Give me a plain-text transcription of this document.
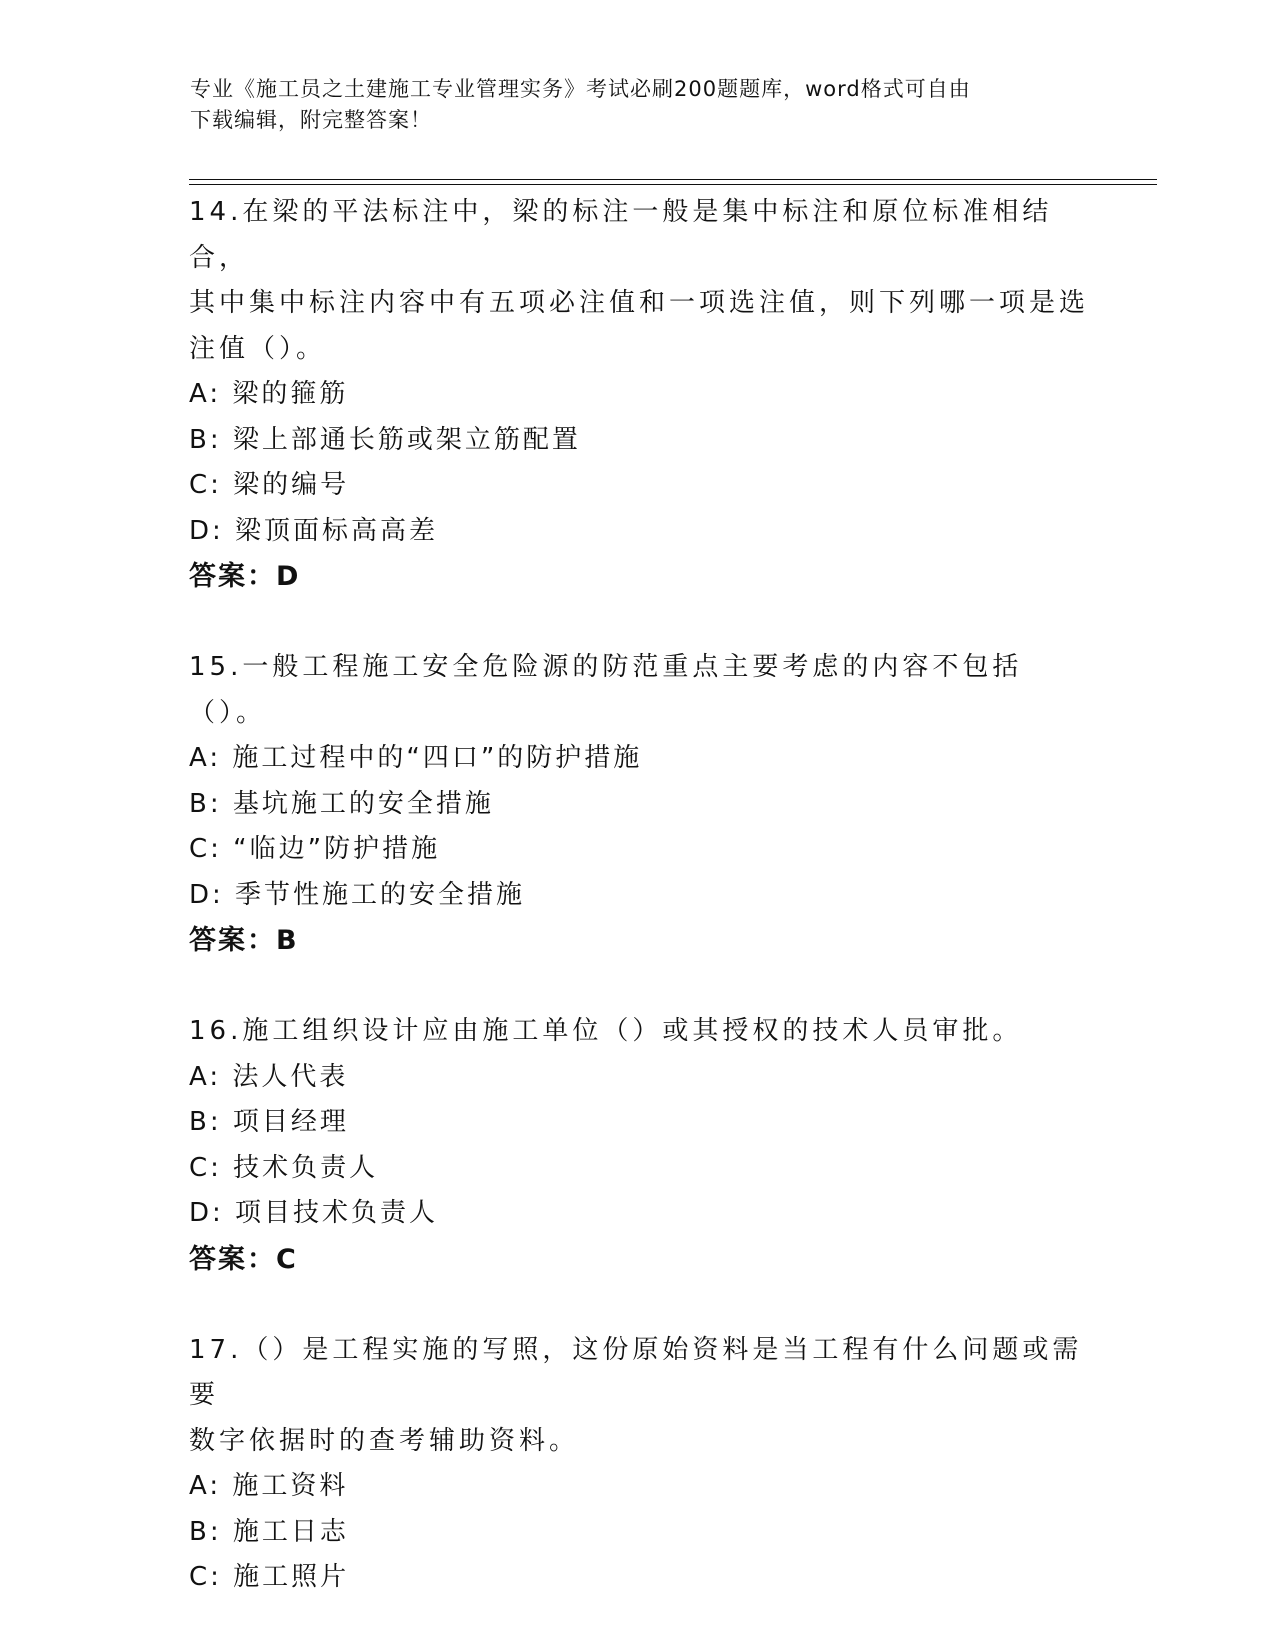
专业《施工员之土建施工专业管理实务》考试必刷200题题库，word格式可自由
下载编辑，附完整答案！
14.在梁的平法标注中，梁的标注一般是集中标注和原位标准相结合，
其中集中标注内容中有五项必注值和一项选注值，则下列哪一项是选
注值（）。
A: 梁的箍筋
B: 梁上部通长筋或架立筋配置
C: 梁的编号
D: 梁顶面标高高差
答案：D
15.一般工程施工安全危险源的防范重点主要考虑的内容不包括（）。
A: 施工过程中的“四口”的防护措施
B: 基坑施工的安全措施
C: “临边”防护措施
D: 季节性施工的安全措施
答案：B
16.施工组织设计应由施工单位（）或其授权的技术人员审批。
A: 法人代表
B: 项目经理
C: 技术负责人
D: 项目技术负责人
答案：C
17.（）是工程实施的写照，这份原始资料是当工程有什么问题或需要
数字依据时的查考辅助资料。
A: 施工资料
B: 施工日志
C: 施工照片
